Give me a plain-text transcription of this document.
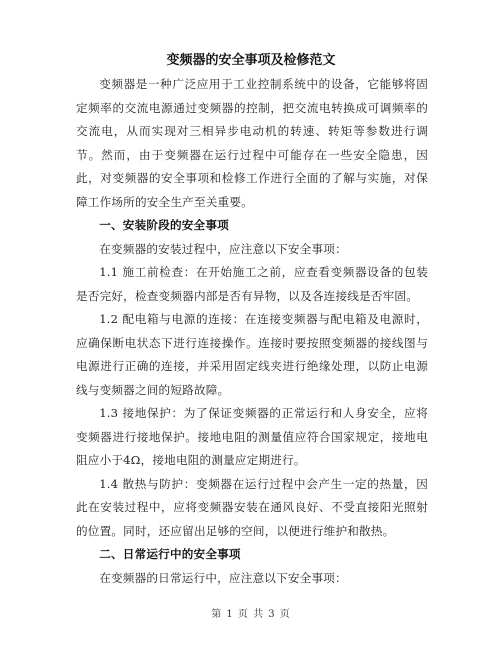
变频器的安全事项及检修范文

变频器是一种广泛应用于工业控制系统中的设备，它能够将固定频率的交流电源通过变频器的控制，把交流电转换成可调频率的交流电，从而实现对三相异步电动机的转速、转矩等参数进行调节。然而，由于变频器在运行过程中可能存在一些安全隐患，因此，对变频器的安全事项和检修工作进行全面的了解与实施，对保障工作场所的安全生产至关重要。

一、安装阶段的安全事项

在变频器的安装过程中，应注意以下安全事项：

1.1 施工前检查：在开始施工之前，应查看变频器设备的包装是否完好，检查变频器内部是否有异物，以及各连接线是否牢固。

1.2 配电箱与电源的连接：在连接变频器与配电箱及电源时，应确保断电状态下进行连接操作。连接时要按照变频器的接线图与电源进行正确的连接，并采用固定线夹进行绝缘处理，以防止电源线与变频器之间的短路故障。

1.3 接地保护：为了保证变频器的正常运行和人身安全，应将变频器进行接地保护。接地电阻的测量值应符合国家规定，接地电阻应小于4Ω，接地电阻的测量应定期进行。

1.4 散热与防护：变频器在运行过程中会产生一定的热量，因此在安装过程中，应将变频器安装在通风良好、不受直接阳光照射的位置。同时，还应留出足够的空间，以便进行维护和散热。

二、日常运行中的安全事项

在变频器的日常运行中，应注意以下安全事项：

第 1 页 共 3 页
